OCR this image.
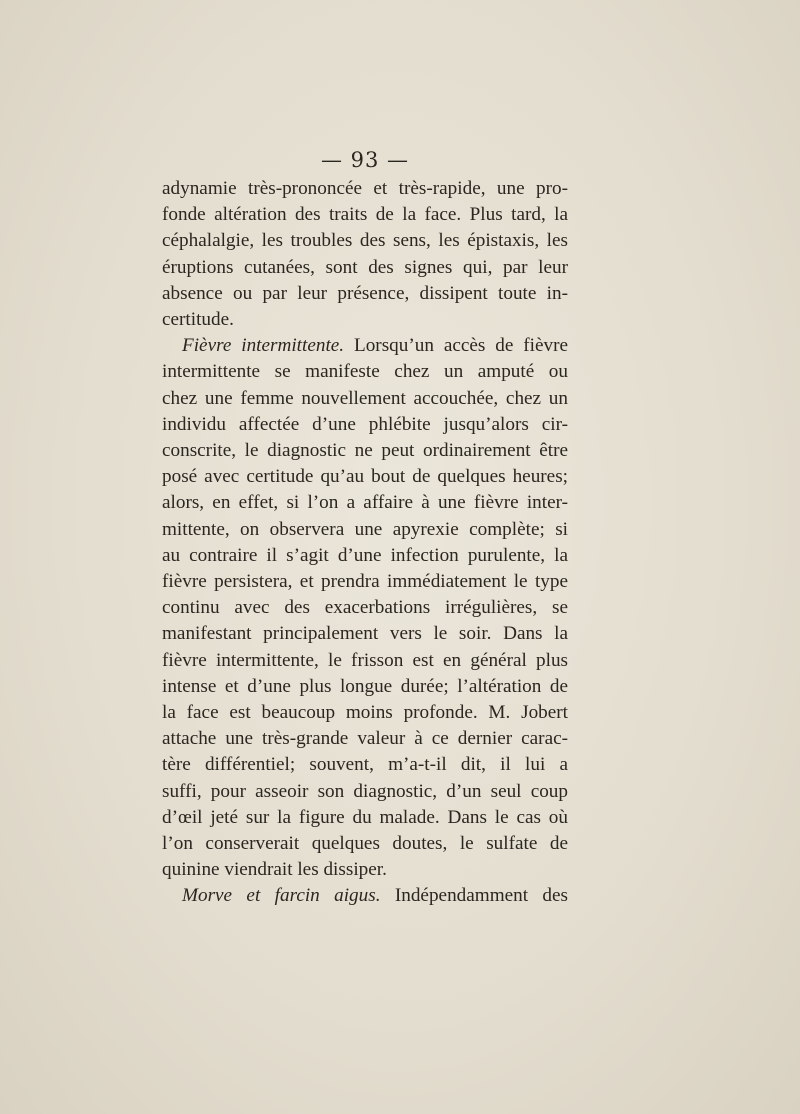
— 93 —
adynamie très-prononcée et très-rapide, une pro-
fonde altération des traits de la face. Plus tard, la
céphalalgie, les troubles des sens, les épistaxis, les
éruptions cutanées, sont des signes qui, par leur
absence ou par leur présence, dissipent toute in-
certitude.
Fièvre intermittente. Lorsqu’un accès de fièvre
intermittente se manifeste chez un amputé ou
chez une femme nouvellement accouchée, chez un
individu affectée d’une phlébite jusqu’alors cir-
conscrite, le diagnostic ne peut ordinairement être
posé avec certitude qu’au bout de quelques heures;
alors, en effet, si l’on a affaire à une fièvre inter-
mittente, on observera une apyrexie complète; si
au contraire il s’agit d’une infection purulente, la
fièvre persistera, et prendra immédiatement le type
continu avec des exacerbations irrégulières, se
manifestant principalement vers le soir. Dans la
fièvre intermittente, le frisson est en général plus
intense et d’une plus longue durée; l’altération de
la face est beaucoup moins profonde. M. Jobert
attache une très-grande valeur à ce dernier carac-
tère différentiel; souvent, m’a-t-il dit, il lui a
suffi, pour asseoir son diagnostic, d’un seul coup
d’œil jeté sur la figure du malade. Dans le cas où
l’on conserverait quelques doutes, le sulfate de
quinine viendrait les dissiper.
Morve et farcin aigus. Indépendamment des
